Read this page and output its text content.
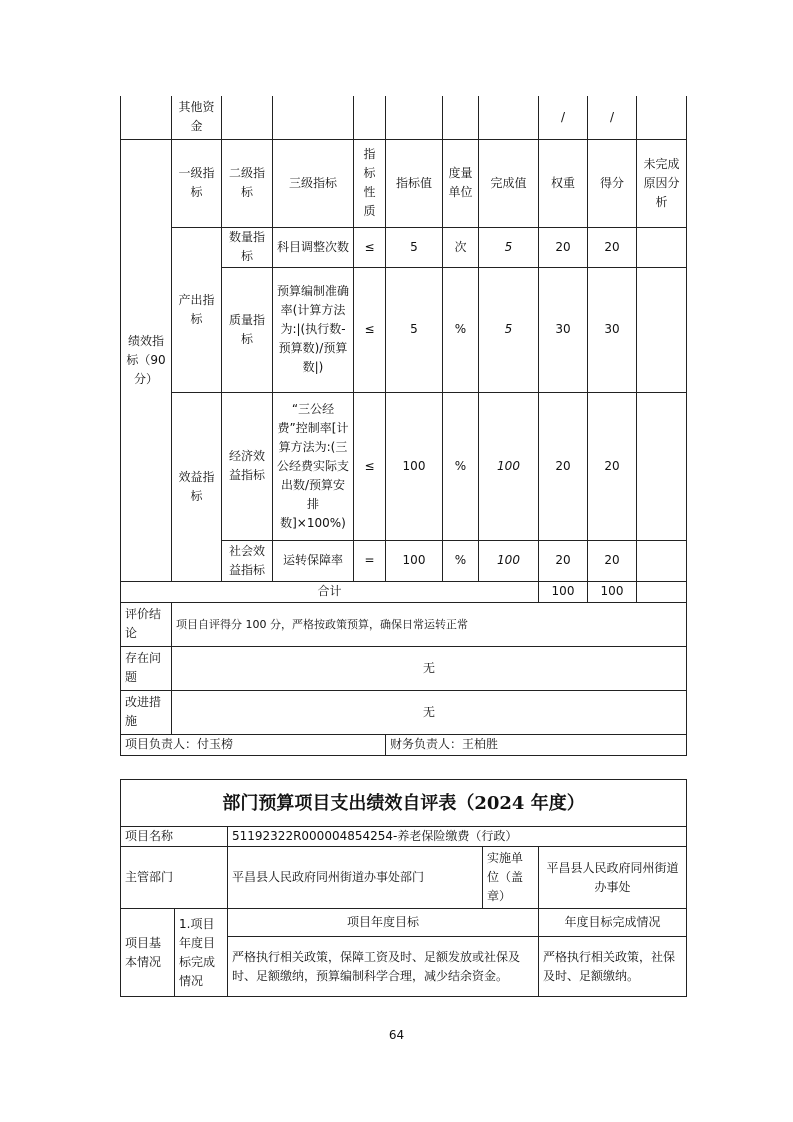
	其他资金							/	/	
绩效指标（90分）	一级指标	二级指标	三级指标	指标性质	指标值	度量单位	完成值	权重	得分	未完成原因分析
	产出指标	数量指标	科目调整次数	≤	5	次	5	20	20	
		质量指标	预算编制准确率(计算方法为:|(执行数-预算数)/预算数|)	≤	5	%	5	30	30	
	效益指标	经济效益指标	“三公经费”控制率[计算方法为:(三公经费实际支出数/预算安排数]×100%)	≤	100	%	100	20	20	
		社会效益指标	运转保障率	=	100	%	100	20	20	
合计								100	100	
评价结论	项目自评得分 100 分，严格按政策预算，确保日常运转正常									
存在问题	无									
改进措施	无									
项目负责人：付玉榜					财务负责人：王柏胜					
部门预算项目支出绩效自评表（2024 年度）				
项目名称		51192322R000004854254-养老保险缴费（行政）		
主管部门		平昌县人民政府同州街道办事处部门	实施单位（盖章）	平昌县人民政府同州街道办事处
项目基本情况	1.项目年度目标完成情况	项目年度目标		年度目标完成情况
		严格执行相关政策，保障工资及时、足额发放或社保及时、足额缴纳，预算编制科学合理，减少结余资金。		严格执行相关政策，社保及时、足额缴纳。
64
